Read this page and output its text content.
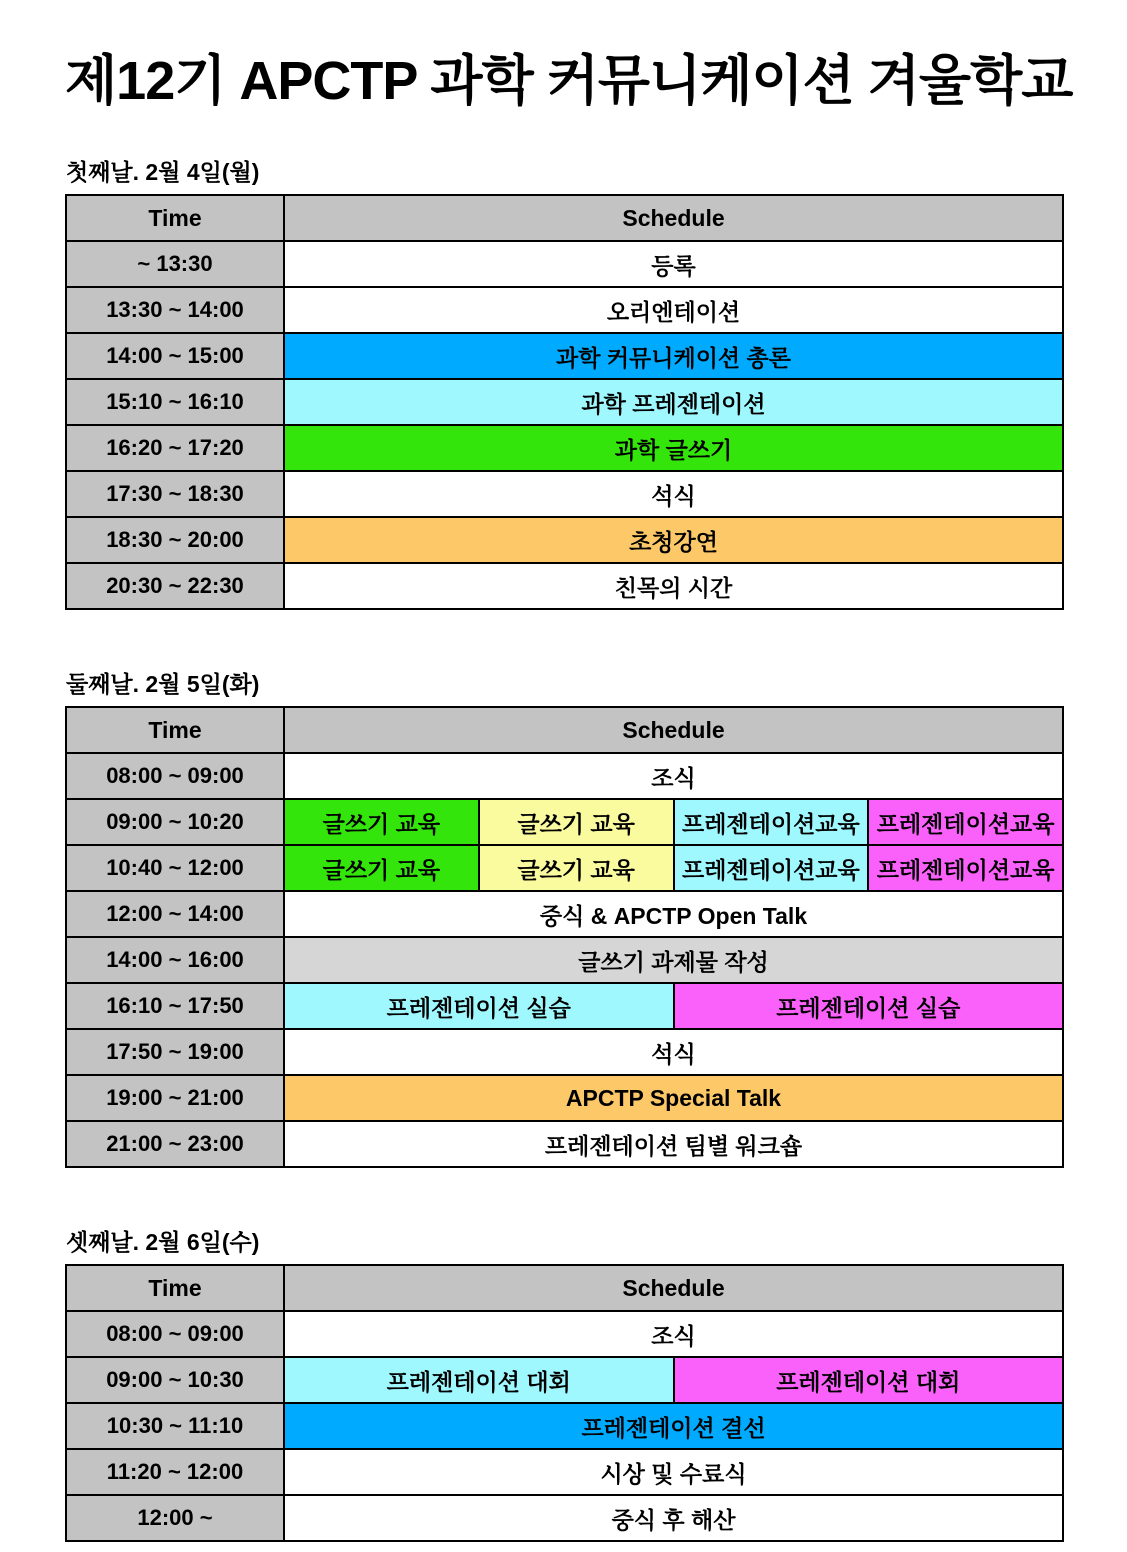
제12기 APCTP 과학 커뮤니케이션 겨울학교
첫째날. 2월 4일(월)
Time	Schedule
~ 13:30	등록
13:30 ~ 14:00	오리엔테이션
14:00 ~ 15:00	과학 커뮤니케이션 총론
15:10 ~ 16:10	과학 프레젠테이션
16:20 ~ 17:20	과학 글쓰기
17:30 ~ 18:30	석식
18:30 ~ 20:00	초청강연
20:30 ~ 22:30	친목의 시간
둘째날. 2월 5일(화)
Time	Schedule			
08:00 ~ 09:00	조식			
09:00 ~ 10:20	글쓰기 교육	글쓰기 교육	프레젠테이션교육	프레젠테이션교육
10:40 ~ 12:00	글쓰기 교육	글쓰기 교육	프레젠테이션교육	프레젠테이션교육
12:00 ~ 14:00	중식 & APCTP Open Talk			
14:00 ~ 16:00	글쓰기 과제물 작성			
16:10 ~ 17:50	프레젠테이션 실습		프레젠테이션 실습	
17:50 ~ 19:00	석식			
19:00 ~ 21:00	APCTP Special Talk			
21:00 ~ 23:00	프레젠테이션 팀별 워크숍			
셋째날. 2월 6일(수)
Time	Schedule	
08:00 ~ 09:00	조식	
09:00 ~ 10:30	프레젠테이션 대회	프레젠테이션 대회
10:30 ~ 11:10	프레젠테이션 결선	
11:20 ~ 12:00	시상 및 수료식	
12:00 ~	중식 후 해산	
